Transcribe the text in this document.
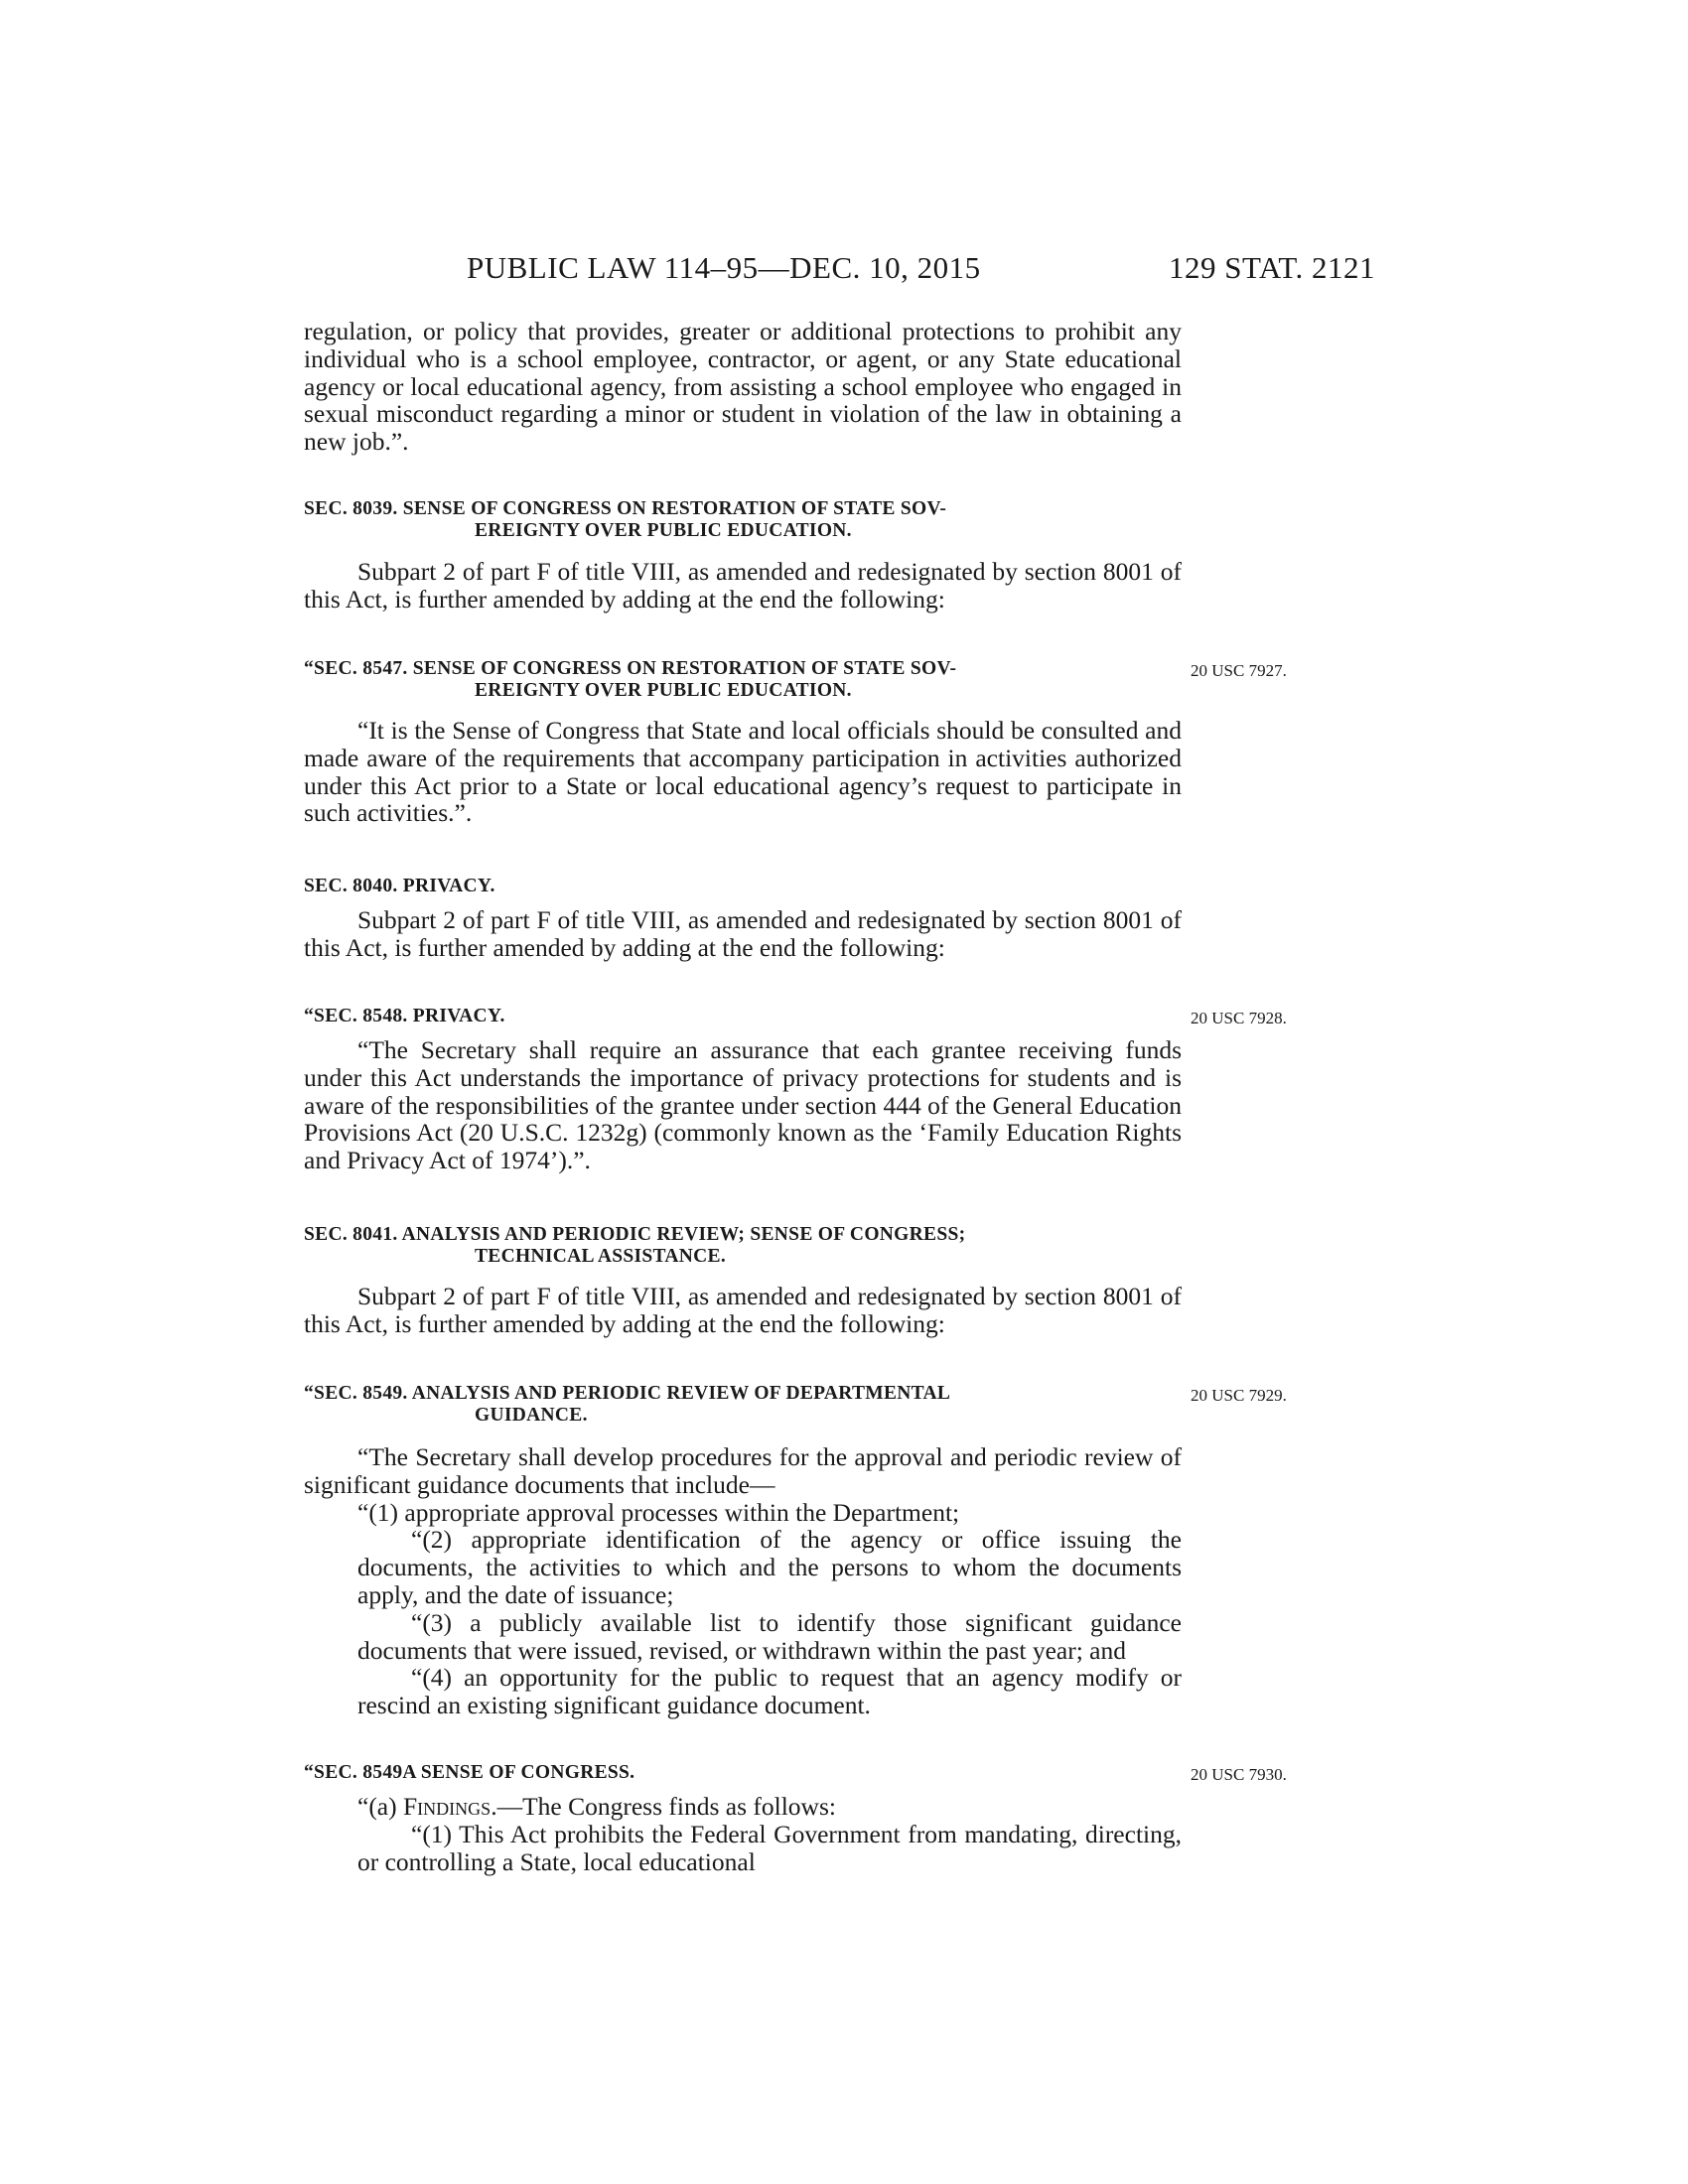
PUBLIC LAW 114–95—DEC. 10, 2015	129 STAT. 2121

regulation, or policy that provides, greater or additional protections to prohibit any individual who is a school employee, contractor, or agent, or any State educational agency or local educational agency, from assisting a school employee who engaged in sexual misconduct regarding a minor or student in violation of the law in obtaining a new job.”.

SEC. 8039. SENSE OF CONGRESS ON RESTORATION OF STATE SOV-
EREIGNTY OVER PUBLIC EDUCATION.

Subpart 2 of part F of title VIII, as amended and redesignated by section 8001 of this Act, is further amended by adding at the end the following:

“SEC. 8547. SENSE OF CONGRESS ON RESTORATION OF STATE SOV-
EREIGNTY OVER PUBLIC EDUCATION.
20 USC 7927.

“It is the Sense of Congress that State and local officials should be consulted and made aware of the requirements that accompany participation in activities authorized under this Act prior to a State or local educational agency’s request to participate in such activities.”.

SEC. 8040. PRIVACY.

Subpart 2 of part F of title VIII, as amended and redesignated by section 8001 of this Act, is further amended by adding at the end the following:

“SEC. 8548. PRIVACY.	20 USC 7928.

“The Secretary shall require an assurance that each grantee receiving funds under this Act understands the importance of privacy protections for students and is aware of the responsibilities of the grantee under section 444 of the General Education Provisions Act (20 U.S.C. 1232g) (commonly known as the ‘Family Education Rights and Privacy Act of 1974’).”.

SEC. 8041. ANALYSIS AND PERIODIC REVIEW; SENSE OF CONGRESS;
TECHNICAL ASSISTANCE.

Subpart 2 of part F of title VIII, as amended and redesignated by section 8001 of this Act, is further amended by adding at the end the following:

“SEC. 8549. ANALYSIS AND PERIODIC REVIEW OF DEPARTMENTAL
GUIDANCE.
20 USC 7929.

“The Secretary shall develop procedures for the approval and periodic review of significant guidance documents that include—

“(1) appropriate approval processes within the Department;

“(2) appropriate identification of the agency or office issuing the documents, the activities to which and the persons to whom the documents apply, and the date of issuance;

“(3) a publicly available list to identify those significant guidance documents that were issued, revised, or withdrawn within the past year; and

“(4) an opportunity for the public to request that an agency modify or rescind an existing significant guidance document.

“SEC. 8549A SENSE OF CONGRESS.	20 USC 7930.

“(a) Findings.—The Congress finds as follows:

“(1) This Act prohibits the Federal Government from mandating, directing, or controlling a State, local educational
